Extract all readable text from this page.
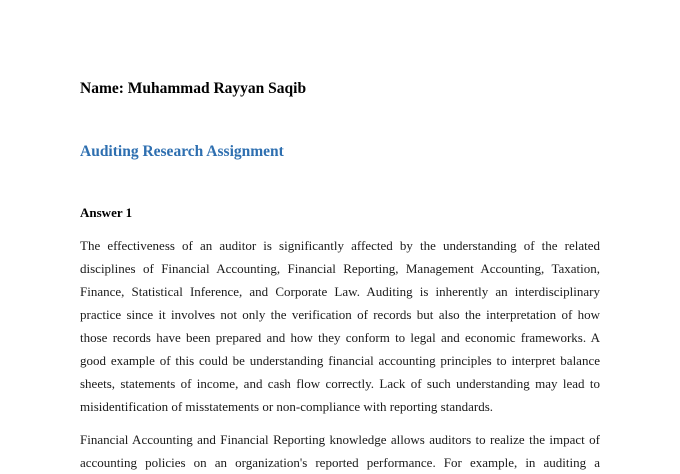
Name: Muhammad Rayyan Saqib
Auditing Research Assignment
Answer 1
The effectiveness of an auditor is significantly affected by the understanding of the related
disciplines of Financial Accounting, Financial Reporting, Management Accounting, Taxation,
Finance, Statistical Inference, and Corporate Law. Auditing is inherently an interdisciplinary
practice since it involves not only the verification of records but also the interpretation of how
those records have been prepared and how they conform to legal and economic frameworks. A
good example of this could be understanding financial accounting principles to interpret balance
sheets, statements of income, and cash flow correctly. Lack of such understanding may lead to
misidentification of misstatements or non-compliance with reporting standards.
Financial Accounting and Financial Reporting knowledge allows auditors to realize the impact of
accounting policies on an organization's reported performance. For example, in auditing a
